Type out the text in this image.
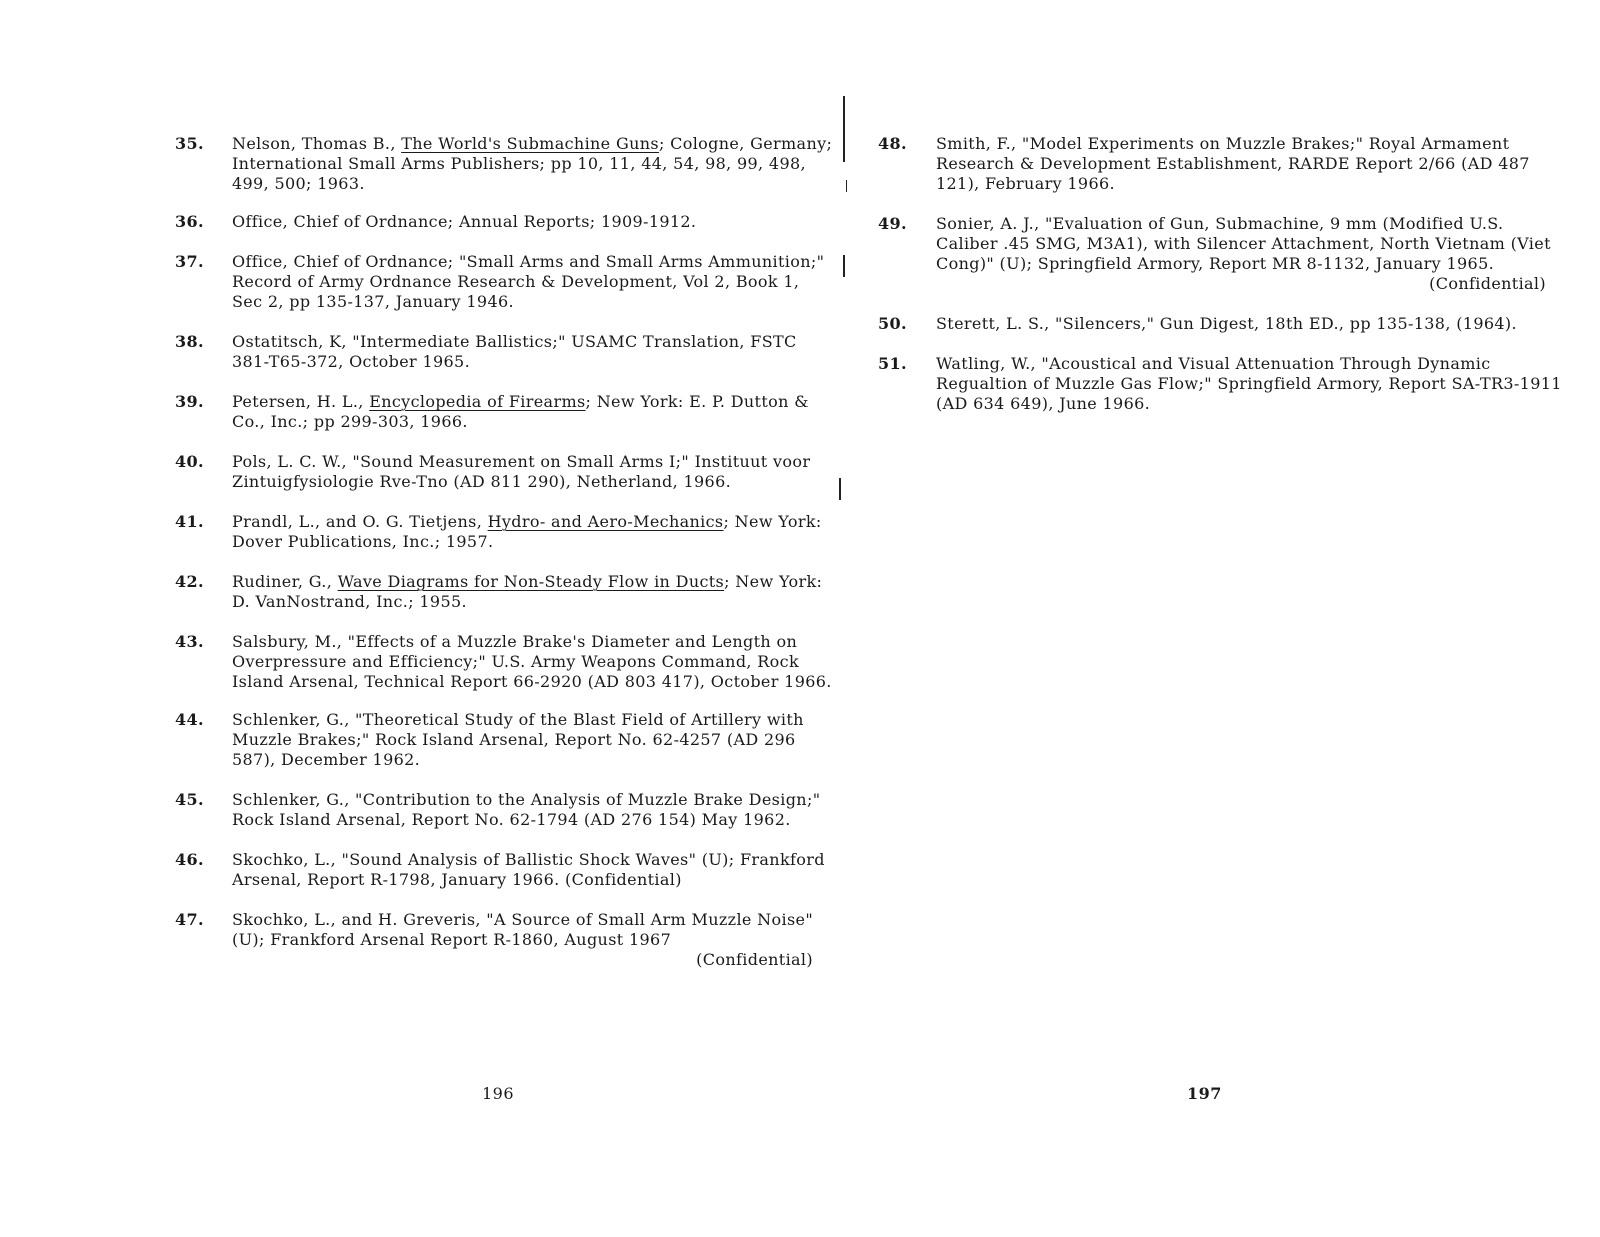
35.	Nelson, Thomas B., The World's Submachine Guns; Cologne, Germany; International Small Arms Publishers; pp 10, 11, 44, 54, 98, 99, 498, 499, 500; 1963.
36.	Office, Chief of Ordnance; Annual Reports; 1909-1912.
37.	Office, Chief of Ordnance; "Small Arms and Small Arms Ammunition;" Record of Army Ordnance Research & Development, Vol 2, Book 1, Sec 2, pp 135-137, January 1946.
38.	Ostatitsch, K, "Intermediate Ballistics;" USAMC Translation, FSTC 381-T65-372, October 1965.
39.	Petersen, H. L., Encyclopedia of Firearms; New York: E. P. Dutton & Co., Inc.; pp 299-303, 1966.
40.	Pols, L. C. W., "Sound Measurement on Small Arms I;" Instituut voor Zintuigfysiologie Rve-Tno (AD 811 290), Netherland, 1966.
41.	Prandl, L., and O. G. Tietjens, Hydro- and Aero-Mechanics; New York: Dover Publications, Inc.; 1957.
42.	Rudiner, G., Wave Diagrams for Non-Steady Flow in Ducts; New York: D. VanNostrand, Inc.; 1955.
43.	Salsbury, M., "Effects of a Muzzle Brake's Diameter and Length on Overpressure and Efficiency;" U.S. Army Weapons Command, Rock Island Arsenal, Technical Report 66-2920 (AD 803 417), October 1966.
44.	Schlenker, G., "Theoretical Study of the Blast Field of Artillery with Muzzle Brakes;" Rock Island Arsenal, Report No. 62-4257 (AD 296 587), December 1962.
45.	Schlenker, G., "Contribution to the Analysis of Muzzle Brake Design;" Rock Island Arsenal, Report No. 62-1794 (AD 276 154) May 1962.
46.	Skochko, L., "Sound Analysis of Ballistic Shock Waves" (U); Frankford Arsenal, Report R-1798, January 1966. (Confidential)
47.	Skochko, L., and H. Greveris, "A Source of Small Arm Muzzle Noise" (U); Frankford Arsenal Report R-1860, August 1967
(Confidential)
48.	Smith, F., "Model Experiments on Muzzle Brakes;" Royal Armament Research & Development Establishment, RARDE Report 2/66 (AD 487 121), February 1966.
49.	Sonier, A. J., "Evaluation of Gun, Submachine, 9 mm (Modified U.S. Caliber .45 SMG, M3A1), with Silencer Attachment, North Vietnam (Viet Cong)" (U); Springfield Armory, Report MR 8-1132, January 1965.
(Confidential)
50.	Sterett, L. S., "Silencers," Gun Digest, 18th ED., pp 135-138, (1964).
51.	Watling, W., "Acoustical and Visual Attenuation Through Dynamic Regualtion of Muzzle Gas Flow;" Springfield Armory, Report SA-TR3-1911 (AD 634 649), June 1966.
196	197
